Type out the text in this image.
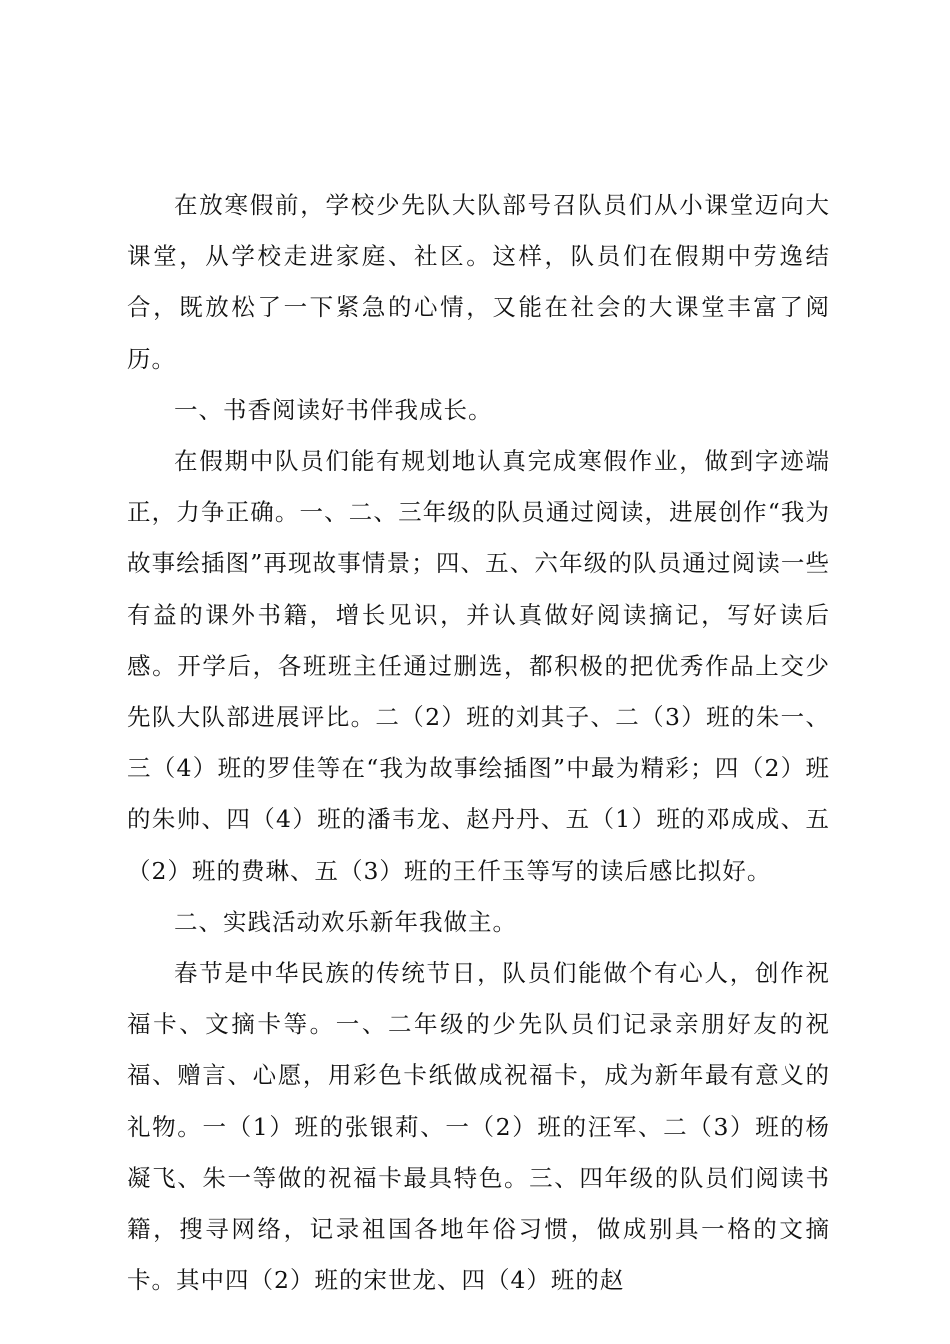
在放寒假前，学校少先队大队部号召队员们从小课堂迈向大课堂，从学校走进家庭、社区。这样，队员们在假期中劳逸结合，既放松了一下紧急的心情，又能在社会的大课堂丰富了阅历。

一、书香阅读好书伴我成长。

在假期中队员们能有规划地认真完成寒假作业，做到字迹端正，力争正确。一、二、三年级的队员通过阅读，进展创作“我为故事绘插图”再现故事情景；四、五、六年级的队员通过阅读一些有益的课外书籍，增长见识，并认真做好阅读摘记，写好读后感。开学后，各班班主任通过删选，都积极的把优秀作品上交少先队大队部进展评比。二（2）班的刘其子、二（3）班的朱一、三（4）班的罗佳等在“我为故事绘插图”中最为精彩；四（2）班的朱帅、四（4）班的潘韦龙、赵丹丹、五（1）班的邓成成、五（2）班的费琳、五（3）班的王仟玉等写的读后感比拟好。

二、实践活动欢乐新年我做主。

春节是中华民族的传统节日，队员们能做个有心人，创作祝福卡、文摘卡等。一、二年级的少先队员们记录亲朋好友的祝福、赠言、心愿，用彩色卡纸做成祝福卡，成为新年最有意义的礼物。一（1）班的张银莉、一（2）班的汪军、二（3）班的杨凝飞、朱一等做的祝福卡最具特色。三、四年级的队员们阅读书籍，搜寻网络，记录祖国各地年俗习惯，做成别具一格的文摘卡。其中四（2）班的宋世龙、四（4）班的赵
